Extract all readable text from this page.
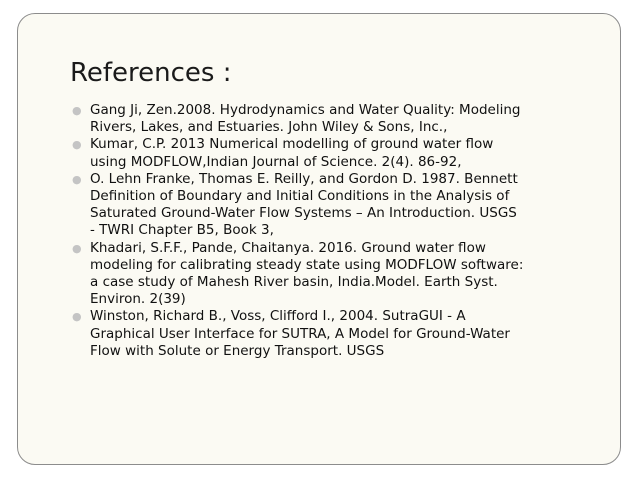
References :
● Gang Ji, Zen.2008. Hydrodynamics and Water Quality: Modeling
Rivers, Lakes, and Estuaries. John Wiley & Sons, Inc.,
● Kumar, C.P. 2013 Numerical modelling of ground water flow
using MODFLOW,Indian Journal of Science. 2(4). 86-92,
● O. Lehn Franke, Thomas E. Reilly, and Gordon D. 1987. Bennett
Definition of Boundary and Initial Conditions in the Analysis of
Saturated Ground-Water Flow Systems – An Introduction. USGS
- TWRI Chapter B5, Book 3,
● Khadari, S.F.F., Pande, Chaitanya. 2016. Ground water flow
modeling for calibrating steady state using MODFLOW software:
a case study of Mahesh River basin, India.Model. Earth Syst.
Environ. 2(39)
● Winston, Richard B., Voss, Clifford I., 2004. SutraGUI - A
Graphical User Interface for SUTRA, A Model for Ground-Water
Flow with Solute or Energy Transport. USGS
